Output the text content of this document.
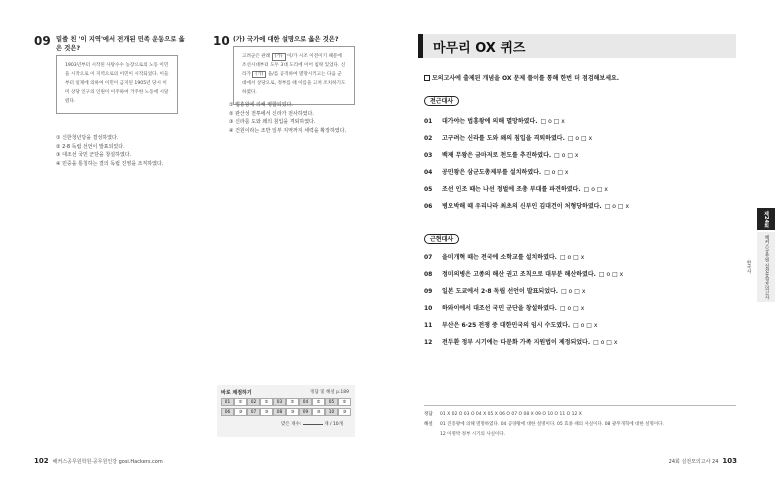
09 밑줄 친 '이 지역'에서 전개된 민족 운동으로 옳은 것은?
1903년부터 시작된 사탕수수 농장으로의 노동 이민을 시작으로 이 지역으로의 이민이 시작되었다. 이들부터 일제에 의하여 이민이 금지된 1905년 당시 이미 상당 인구의 인원이 이주하여 거주한 노동에 시달렸다.
① 신한청년당을 결성하였다.
② 2·8 독립 선언이 발표되었다.
③ 대조선 국민 군단을 창설하였다.
④ 민중을 통칭하는 결의 독립 진영을 조직하였다.
10 (가) 국가에 대한 설명으로 옳은 것은?
고려군은 관례 (가) 이/가 시조 이전이기 때문에 조선시대부터 도두 3대 도리에 이어 침략 있었다. 신라가 (가) 을/를 공격하여 멸망시키고는 다음 군대에서 상당으로, 정부를 때 이름을 고쳐 조치하기도 하였다.
① 법흥왕에 의해 병합되었다.
② 관산성 전투에서 신라가 전사하였다.
③ 신라를 도와 왜의 침입을 격퇴하였다.
④ 건원이라는 조반 일부 지역까지 세력을 확장하였다.
바로 채점하기	정답 및 해설 p.189
01	②	02	②	03	②	04	②	05	②
06	③	07	③	08	③	09	③	10	③
맞은 개수:	개 / 10개
102 해커스공무원학원·공무원인강 gosi.Hackers.com
마무리 OX 퀴즈
모의고사에 출제된 개념을 OX 문제 풀이를 통해 한번 더 점검해보세요.
전근대사
01 대가야는 법흥왕에 의해 멸망하였다. □ o □ x
02 고구려는 신라를 도와 왜의 침입을 격퇴하였다. □ o □ x
03 백제 무왕은 금마저로 천도를 추진하였다. □ o □ x
04 공민왕은 삼군도총제부를 설치하였다. □ o □ x
05 조선 인조 때는 나선 정벌에 조총 부대를 파견하였다. □ o □ x
06 병오박해 때 우리나라 최초의 신부인 김대건이 처형당하였다. □ o □ x
근현대사
07 을미개혁 때는 전국에 소학교를 설치하였다. □ o □ x
08 정미의병은 고종의 해산 권고 조칙으로 대부분 해산하였다. □ o □ x
09 일본 도쿄에서 2·8 독립 선언이 발표되었다. □ o □ x
10 하와이에서 대조선 국민 군단을 창설하였다. □ o □ x
11 부산은 6·25 전쟁 중 대한민국의 임시 수도였다. □ o □ x
12 전두환 정부 시기에는 다문화 가족 지원법이 제정되었다. □ o □ x
제24회
해커스공무원 실전동형모의고사 한국사
정답 01 X 02 O 03 O 04 X 05 X 06 O 07 O 08 X 09 O 10 O 11 O 12 X
해설 01 진흥왕에 의해 멸망하였다. 04 공양왕에 대한 설명이다. 05 효종 때의 사실이다. 08 광무개혁에 대한 설명이다.
12 이명박 정부 시기의 사실이다.
24회 실전모의고사 24 103
